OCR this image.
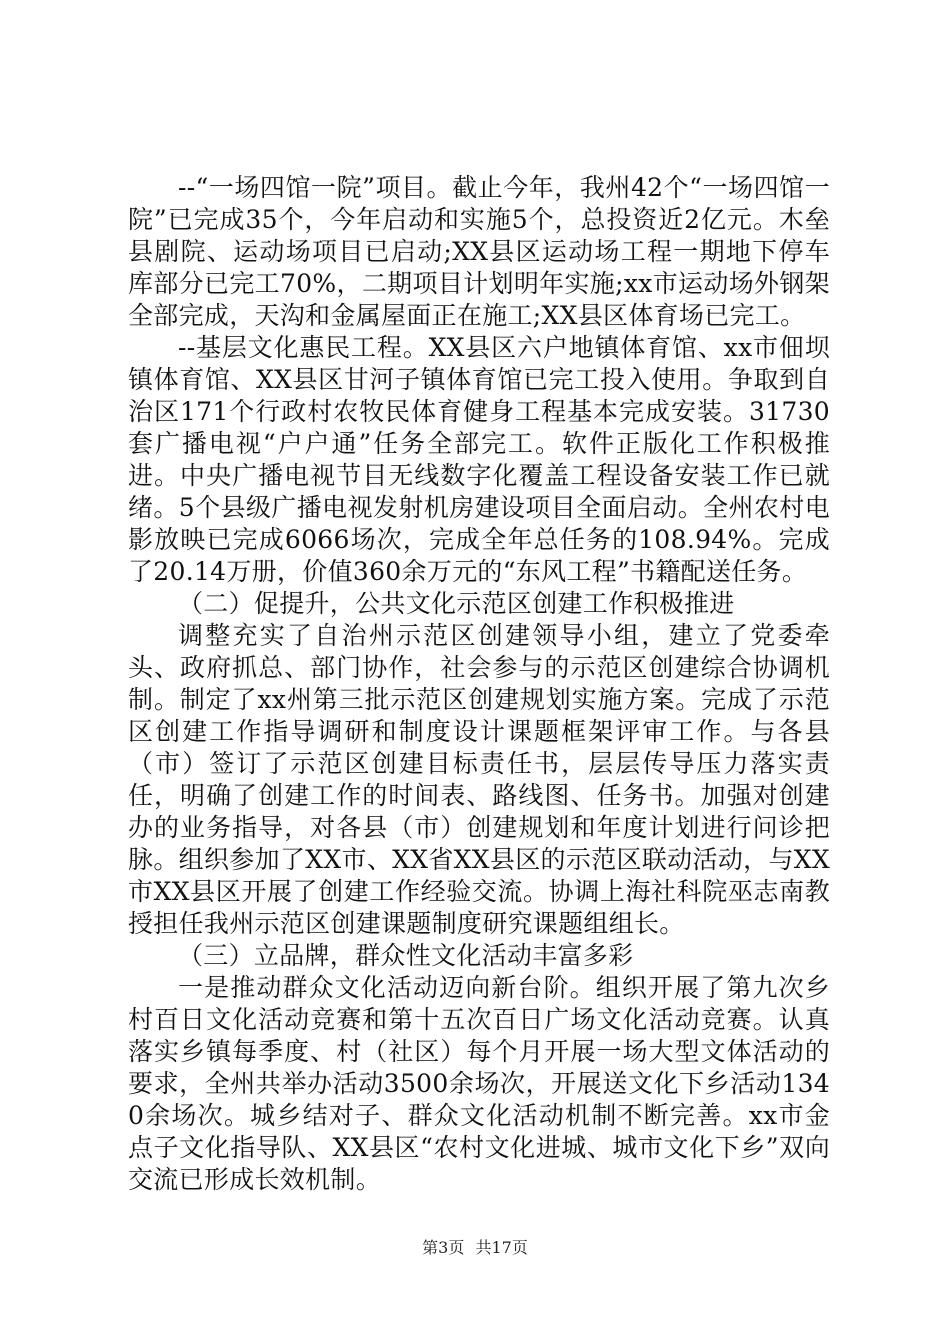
--“一场四馆一院”项目。截止今年，我州42个“一场四馆一院”已完成35个，今年启动和实施5个，总投资近2亿元。木垒县剧院、运动场项目已启动;XX县区运动场工程一期地下停车库部分已完工70%，二期项目计划明年实施;xx市运动场外钢架全部完成，天沟和金属屋面正在施工;XX县区体育场已完工。

--基层文化惠民工程。XX县区六户地镇体育馆、xx市佃坝镇体育馆、XX县区甘河子镇体育馆已完工投入使用。争取到自治区171个行政村农牧民体育健身工程基本完成安装。31730套广播电视“户户通”任务全部完工。软件正版化工作积极推进。中央广播电视节目无线数字化覆盖工程设备安装工作已就绪。5个县级广播电视发射机房建设项目全面启动。全州农村电影放映已完成6066场次，完成全年总任务的108.94%。完成了20.14万册，价值360余万元的“东风工程”书籍配送任务。

（二）促提升，公共文化示范区创建工作积极推进

调整充实了自治州示范区创建领导小组，建立了党委牵头、政府抓总、部门协作，社会参与的示范区创建综合协调机制。制定了xx州第三批示范区创建规划实施方案。完成了示范区创建工作指导调研和制度设计课题框架评审工作。与各县（市）签订了示范区创建目标责任书，层层传导压力落实责任，明确了创建工作的时间表、路线图、任务书。加强对创建办的业务指导，对各县（市）创建规划和年度计划进行问诊把脉。组织参加了XX市、XX省XX县区的示范区联动活动，与XX市XX县区开展了创建工作经验交流。协调上海社科院巫志南教授担任我州示范区创建课题制度研究课题组组长。

（三）立品牌，群众性文化活动丰富多彩

一是推动群众文化活动迈向新台阶。组织开展了第九次乡村百日文化活动竞赛和第十五次百日广场文化活动竞赛。认真落实乡镇每季度、村（社区）每个月开展一场大型文体活动的要求，全州共举办活动3500余场次，开展送文化下乡活动1340余场次。城乡结对子、群众文化活动机制不断完善。xx市金点子文化指导队、XX县区“农村文化进城、城市文化下乡”双向交流已形成长效机制。

第3页 共17页
